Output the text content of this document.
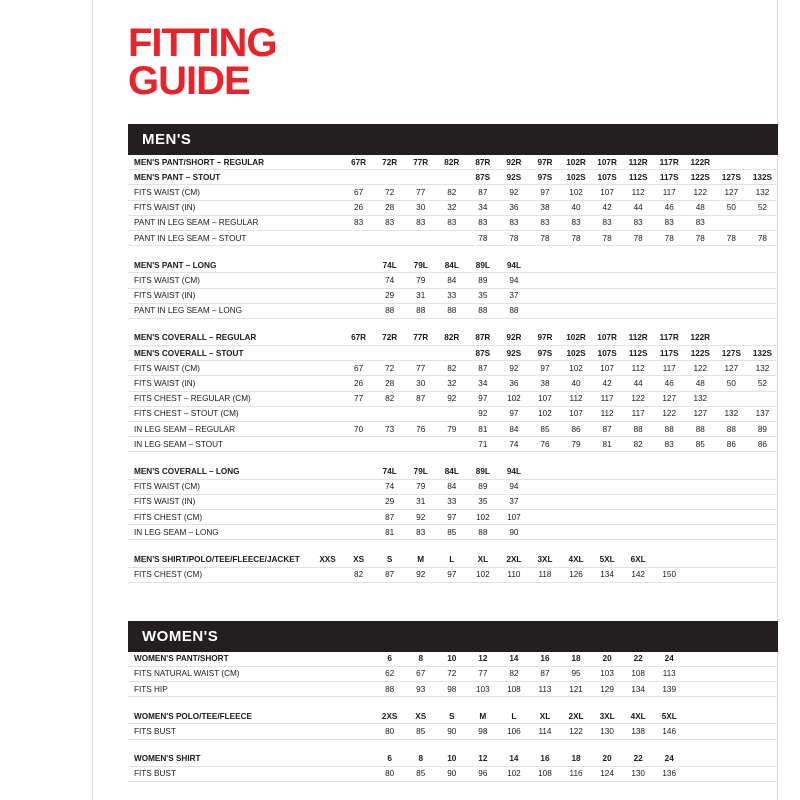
FITTING
GUIDE
MEN'S
MEN'S PANT/SHORT – REGULAR		67R	72R	77R	82R	87R	92R	97R	102R	107R	112R	117R	122R		
MEN'S PANT – STOUT						87S	92S	97S	102S	107S	112S	117S	122S	127S	132S
FITS WAIST (CM)		67	72	77	82	87	92	97	102	107	112	117	122	127	132
FITS WAIST (IN)		26	28	30	32	34	36	38	40	42	44	46	48	50	52
PANT IN LEG SEAM – REGULAR		83	83	83	83	83	83	83	83	83	83	83	83		
PANT IN LEG SEAM – STOUT						78	78	78	78	78	78	78	78	78	78
MEN'S PANT – LONG			74L	79L	84L	89L	94L								
FITS WAIST (CM)			74	79	84	89	94								
FITS WAIST (IN)			29	31	33	35	37								
PANT IN LEG SEAM – LONG			88	88	88	88	88								
MEN'S COVERALL – REGULAR		67R	72R	77R	82R	87R	92R	97R	102R	107R	112R	117R	122R		
MEN'S COVERALL – STOUT						87S	92S	97S	102S	107S	112S	117S	122S	127S	132S
FITS WAIST (CM)		67	72	77	82	87	92	97	102	107	112	117	122	127	132
FITS WAIST (IN)		26	28	30	32	34	36	38	40	42	44	46	48	50	52
FITS CHEST – REGULAR (CM)		77	82	87	92	97	102	107	112	117	122	127	132		
FITS CHEST – STOUT (CM)						92	97	102	107	112	117	122	127	132	137
IN LEG SEAM – REGULAR		70	73	76	79	81	84	85	86	87	88	88	88	88	89
IN LEG SEAM – STOUT						71	74	76	79	81	82	83	85	86	86
MEN'S COVERALL – LONG			74L	79L	84L	89L	94L								
FITS WAIST (CM)			74	79	84	89	94								
FITS WAIST (IN)			29	31	33	35	37								
FITS CHEST (CM)			87	92	97	102	107								
IN LEG SEAM – LONG			81	83	85	88	90								
MEN'S SHIRT/POLO/TEE/FLEECE/JACKET	XXS	XS	S	M	L	XL	2XL	3XL	4XL	5XL	6XL				
FITS CHEST (CM)		82	87	92	97	102	110	118	126	134	142	150			
WOMEN'S
WOMEN'S PANT/SHORT			6	8	10	12	14	16	18	20	22	24			
FITS NATURAL WAIST (CM)			62	67	72	77	82	87	95	103	108	113			
FITS HIP			88	93	98	103	108	113	121	129	134	139			
WOMEN'S POLO/TEE/FLEECE			2XS	XS	S	M	L	XL	2XL	3XL	4XL	5XL			
FITS BUST			80	85	90	98	106	114	122	130	138	146			
WOMEN'S SHIRT			6	8	10	12	14	16	18	20	22	24			
FITS BUST			80	85	90	96	102	108	116	124	130	136			
